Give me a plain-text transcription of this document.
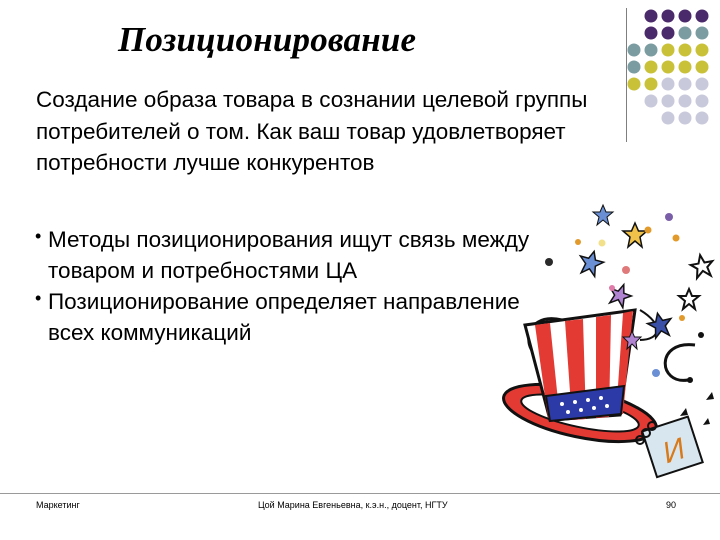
Позиционирование
Создание образа товара в сознании целевой группы потребителей о том. Как ваш товар удовлетворяет потребности лучше конкурентов
• Методы позиционирования ищут связь между товаром и потребностями ЦА
• Позиционирование определяет направление всех коммуникаций
И
Маркетинг	Цой Марина Евгеньевна, к.э.н., доцент, НГТУ	90
